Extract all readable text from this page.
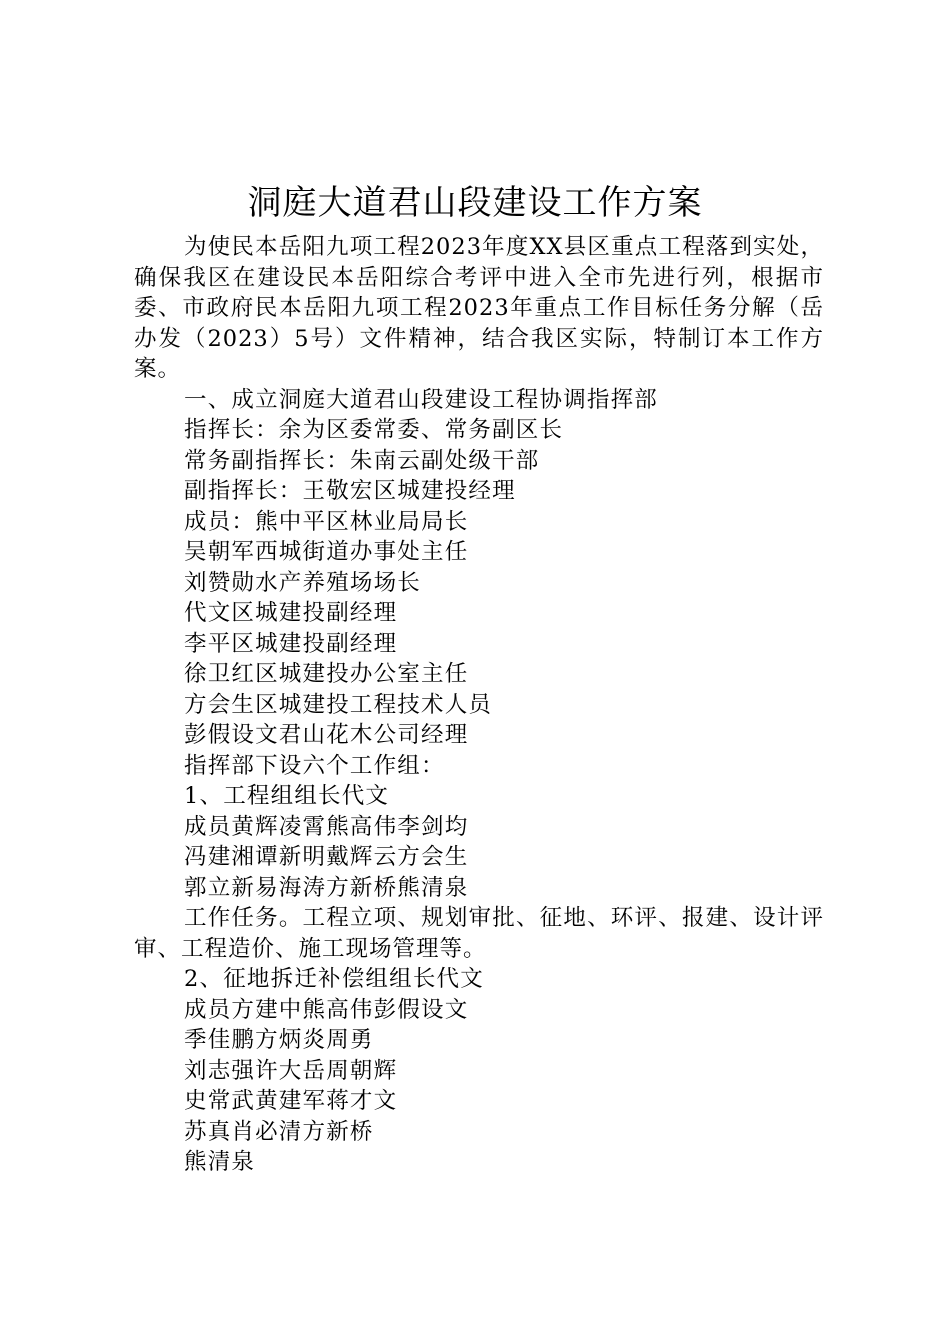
洞庭大道君山段建设工作方案

为使民本岳阳九项工程2023年度XX县区重点工程落到实处，确保我区在建设民本岳阳综合考评中进入全市先进行列，根据市委、市政府民本岳阳九项工程2023年重点工作目标任务分解（岳办发（2023）5号）文件精神，结合我区实际，特制订本工作方案。

一、成立洞庭大道君山段建设工程协调指挥部

指挥长：余为区委常委、常务副区长

常务副指挥长：朱南云副处级干部

副指挥长：王敬宏区城建投经理

成员：熊中平区林业局局长

吴朝军西城街道办事处主任

刘赞勋水产养殖场场长

代文区城建投副经理

李平区城建投副经理

徐卫红区城建投办公室主任

方会生区城建投工程技术人员

彭假设文君山花木公司经理

指挥部下设六个工作组：

1、工程组组长代文

成员黄辉凌霄熊高伟李剑均

冯建湘谭新明戴辉云方会生

郭立新易海涛方新桥熊清泉

工作任务。工程立项、规划审批、征地、环评、报建、设计评审、工程造价、施工现场管理等。

2、征地拆迁补偿组组长代文

成员方建中熊高伟彭假设文

季佳鹏方炳炎周勇

刘志强许大岳周朝辉

史常武黄建军蒋才文

苏真肖必清方新桥

熊清泉
